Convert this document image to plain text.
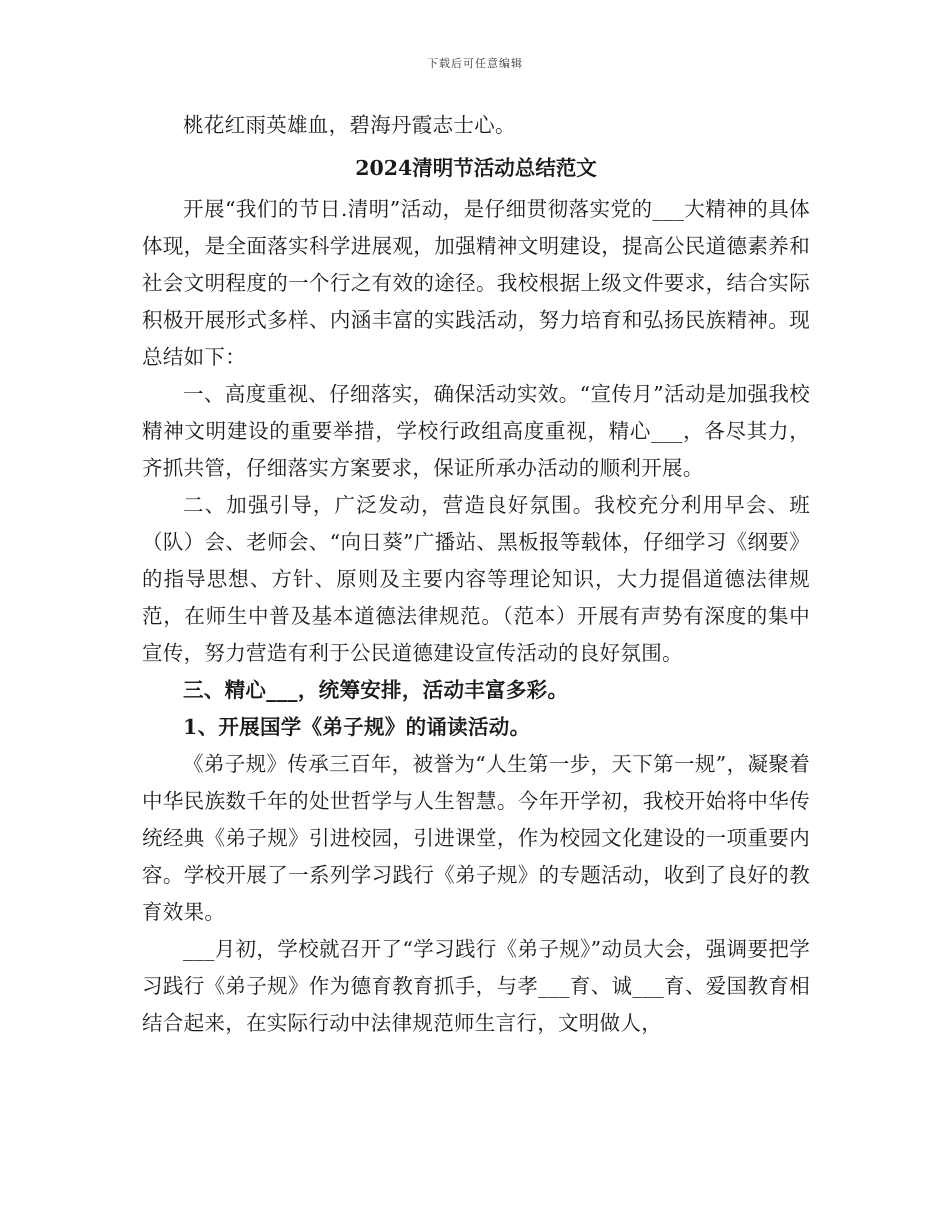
下载后可任意编辑

桃花红雨英雄血，碧海丹霞志士心。

2024清明节活动总结范文

开展“我们的节日.清明”活动，是仔细贯彻落实党的___大精神的具体体现，是全面落实科学进展观，加强精神文明建设，提高公民道德素养和社会文明程度的一个行之有效的途径。我校根据上级文件要求，结合实际积极开展形式多样、内涵丰富的实践活动，努力培育和弘扬民族精神。现总结如下：

一、高度重视、仔细落实，确保活动实效。“宣传月”活动是加强我校精神文明建设的重要举措，学校行政组高度重视，精心___，各尽其力，齐抓共管，仔细落实方案要求，保证所承办活动的顺利开展。

二、加强引导，广泛发动，营造良好氛围。我校充分利用早会、班（队）会、老师会、“向日葵”广播站、黑板报等载体，仔细学习《纲要》的指导思想、方针、原则及主要内容等理论知识，大力提倡道德法律规范，在师生中普及基本道德法律规范。（范本）开展有声势有深度的集中宣传，努力营造有利于公民道德建设宣传活动的良好氛围。

三、精心___，统筹安排，活动丰富多彩。

1、开展国学《弟子规》的诵读活动。

《弟子规》传承三百年，被誉为“人生第一步，天下第一规”，凝聚着中华民族数千年的处世哲学与人生智慧。今年开学初，我校开始将中华传统经典《弟子规》引进校园，引进课堂，作为校园文化建设的一项重要内容。学校开展了一系列学习践行《弟子规》的专题活动，收到了良好的教育效果。

___月初，学校就召开了“学习践行《弟子规》”动员大会，强调要把学习践行《弟子规》作为德育教育抓手，与孝___育、诚___育、爱国教育相结合起来，在实际行动中法律规范师生言行，文明做人，
